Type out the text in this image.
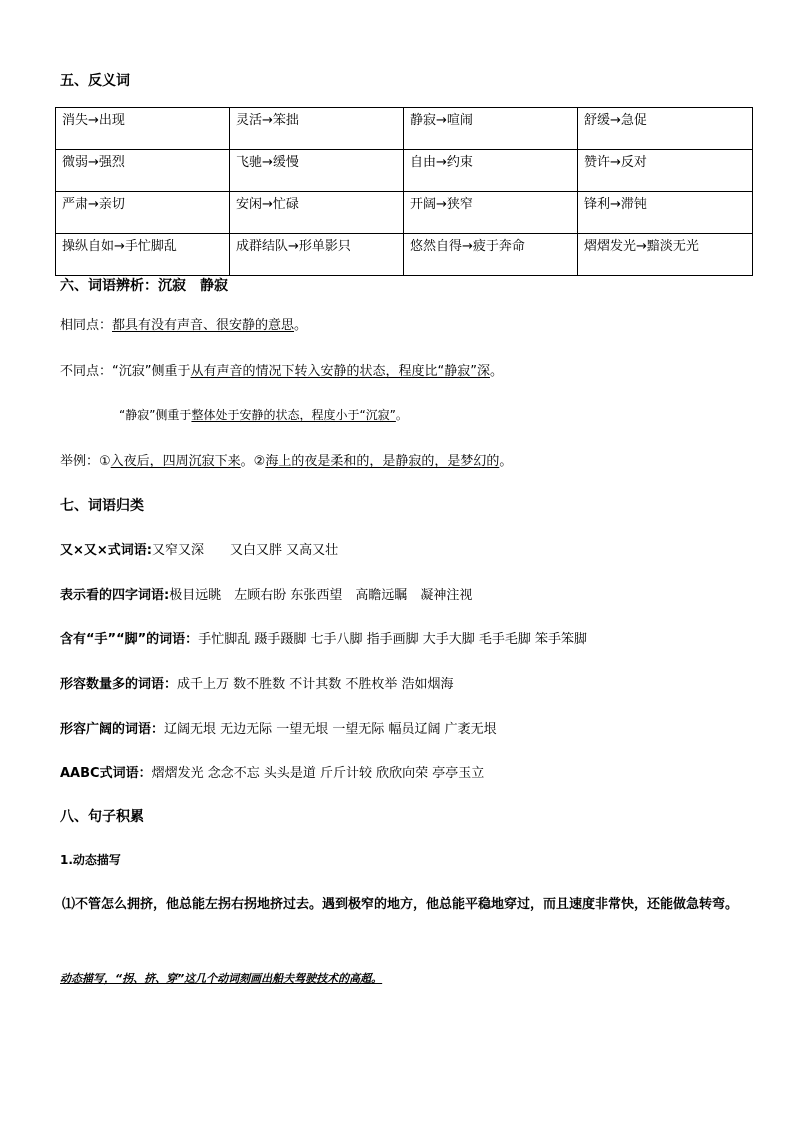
五、反义词
消失→出现	灵活→笨拙	静寂→喧闹	舒缓→急促
微弱→强烈	飞驰→缓慢	自由→约束	赞许→反对
严肃→亲切	安闲→忙碌	开阔→狭窄	锋利→滞钝
操纵自如→手忙脚乱	成群结队→形单影只	悠然自得→疲于奔命	熠熠发光→黯淡无光
六、词语辨析：沉寂　静寂
相同点：都具有没有声音、很安静的意思。
不同点：“沉寂”侧重于从有声音的情况下转入安静的状态，程度比“静寂”深。
“静寂”侧重于整体处于安静的状态，程度小于“沉寂”。
举例：①入夜后，四周沉寂下来。②海上的夜是柔和的，是静寂的，是梦幻的。
七、词语归类
又×又×式词语:又窄又深　　又白又胖 又高又壮
表示看的四字词语:极目远眺　左顾右盼 东张西望　高瞻远瞩　凝神注视
含有“手”“脚”的词语：手忙脚乱 蹑手蹑脚 七手八脚 指手画脚 大手大脚 毛手毛脚 笨手笨脚
形容数量多的词语：成千上万 数不胜数 不计其数 不胜枚举 浩如烟海
形容广阔的词语：辽阔无垠 无边无际 一望无垠 一望无际 幅员辽阔 广袤无垠
AABC式词语：熠熠发光 念念不忘 头头是道 斤斤计较 欣欣向荣 亭亭玉立
八、句子积累
1.动态描写
⑴不管怎么拥挤，他总能左拐右拐地挤过去。遇到极窄的地方，他总能平稳地穿过，而且速度非常快，还能做急转弯。
动态描写，“拐、挤、穿”这几个动词刻画出船夫驾驶技术的高超。
